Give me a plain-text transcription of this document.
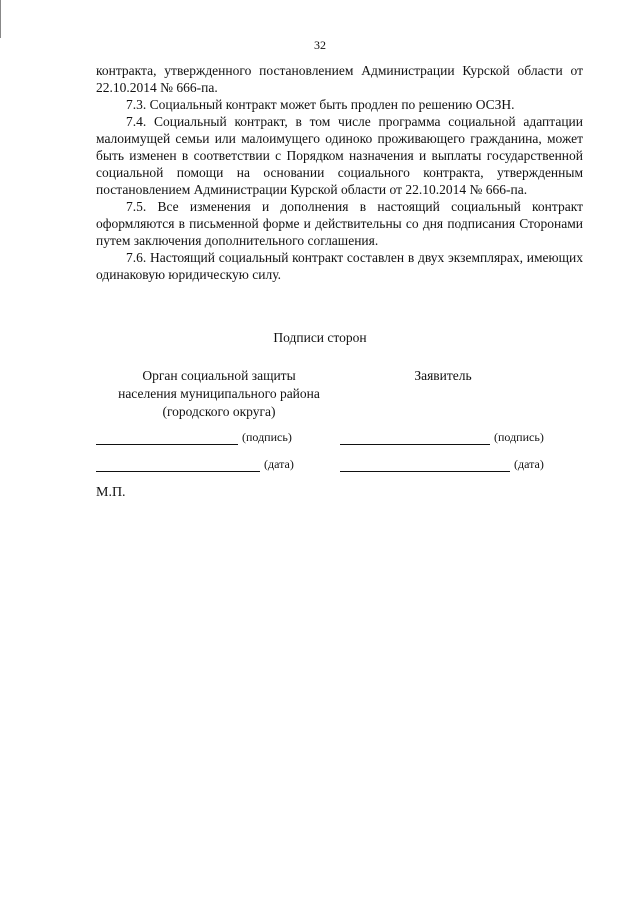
32

контракта, утвержденного постановлением Администрации Курской области от 22.10.2014 № 666-па.

7.3. Социальный контракт может быть продлен по решению ОСЗН.

7.4. Социальный контракт, в том числе программа социальной адаптации малоимущей семьи или малоимущего одиноко проживающего гражданина, может быть изменен в соответствии с Порядком назначения и выплаты государственной социальной помощи на основании социального контракта, утвержденным постановлением Администрации Курской области от 22.10.2014 № 666-па.

7.5. Все изменения и дополнения в настоящий социальный контракт оформляются в письменной форме и действительны со дня подписания Сторонами путем заключения дополнительного соглашения.

7.6. Настоящий социальный контракт составлен в двух экземплярах, имеющих одинаковую юридическую силу.

Подписи сторон
Орган социальной защиты
населения муниципального района
(городского округа)
Заявитель
(подпись)	(подпись)
(дата)	(дата)
М.П.
